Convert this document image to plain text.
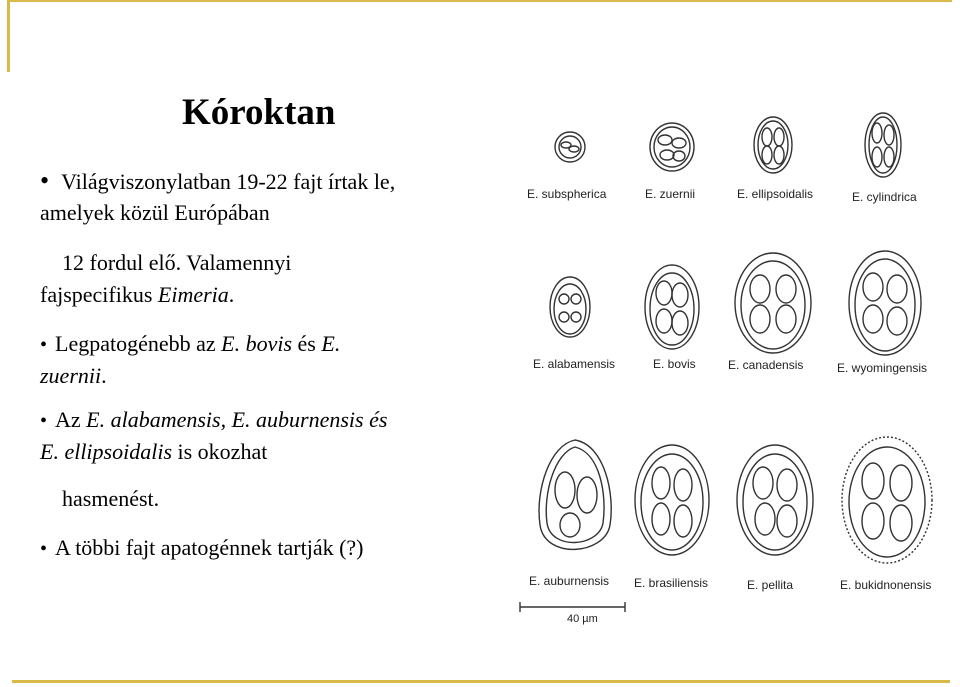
Kóroktan
• Világviszonylatban 19-22 fajt írtak le,
amelyek közül Európában
12 fordul elő. Valamennyi
fajspecifikus Eimeria.
• Legpatogénebb az E. bovis és E.
zuernii.
• Az E. alabamensis, E. auburnensis és
E. ellipsoidalis is okozhat
hasmenést.
• A többi fajt apatogénnek tartják (?)
E. subspherica	E. zuernii	E. ellipsoidalis	E. cylindrica
E. alabamensis	E. bovis	E. canadensis	E. wyomingensis
E. auburnensis E. brasiliensis	E. pellita	E. bukidnonensis
40 µm
